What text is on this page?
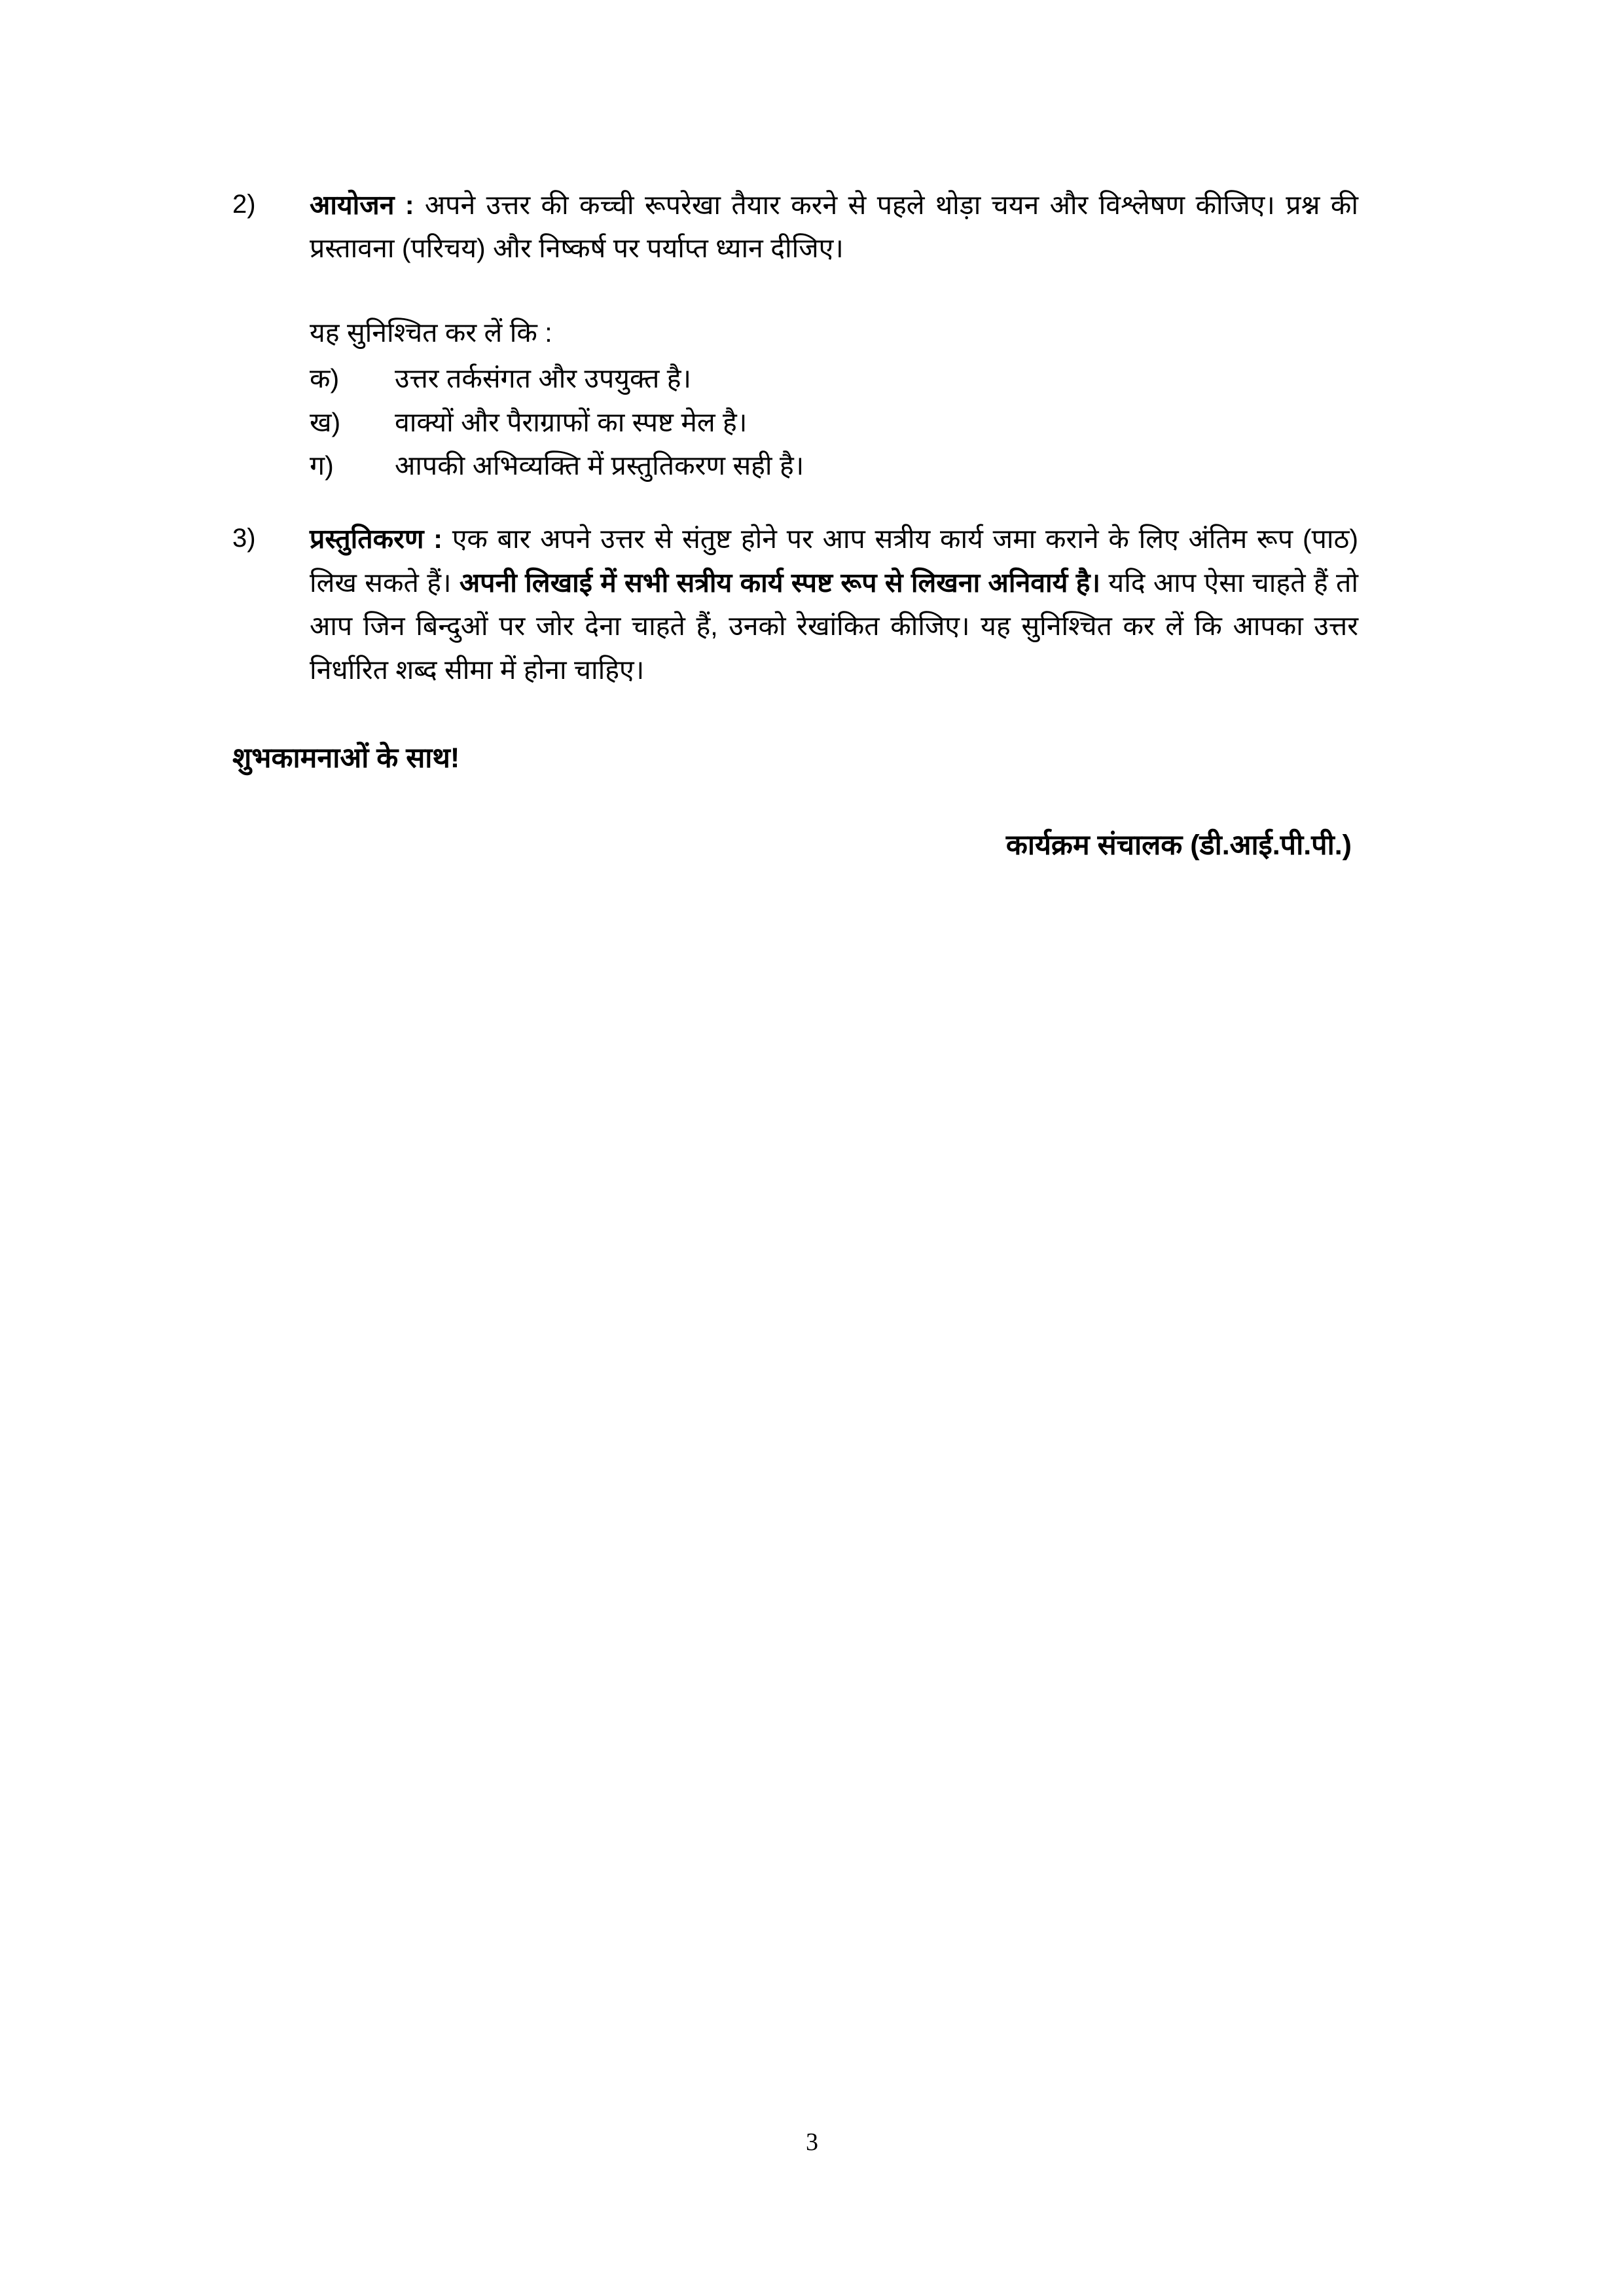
2)	आयोजन : अपने उत्तर की कच्ची रूपरेखा तैयार करने से पहले थोड़ा चयन और विश्लेषण कीजिए। प्रश्न की प्रस्तावना (परिचय) और निष्कर्ष पर पर्याप्त ध्यान दीजिए।
यह सुनिश्चित कर लें कि :
क)	उत्तर तर्कसंगत और उपयुक्त है।
ख)	वाक्यों और पैराग्राफों का स्पष्ट मेल है।
ग)	आपकी अभिव्यक्ति में प्रस्तुतिकरण सही है।
3)	प्रस्तुतिकरण : एक बार अपने उत्तर से संतुष्ट होने पर आप सत्रीय कार्य जमा कराने के लिए अंतिम रूप (पाठ) लिख सकते हैं। अपनी लिखाई में सभी सत्रीय कार्य स्पष्ट रूप से लिखना अनिवार्य है। यदि आप ऐसा चाहते हैं तो आप जिन बिन्दुओं पर जोर देना चाहते हैं, उनको रेखांकित कीजिए। यह सुनिश्चित कर लें कि आपका उत्तर निर्धारित शब्द सीमा में होना चाहिए।
शुभकामनाओं के साथ!
कार्यक्रम संचालक (डी.आई.पी.पी.)
3
